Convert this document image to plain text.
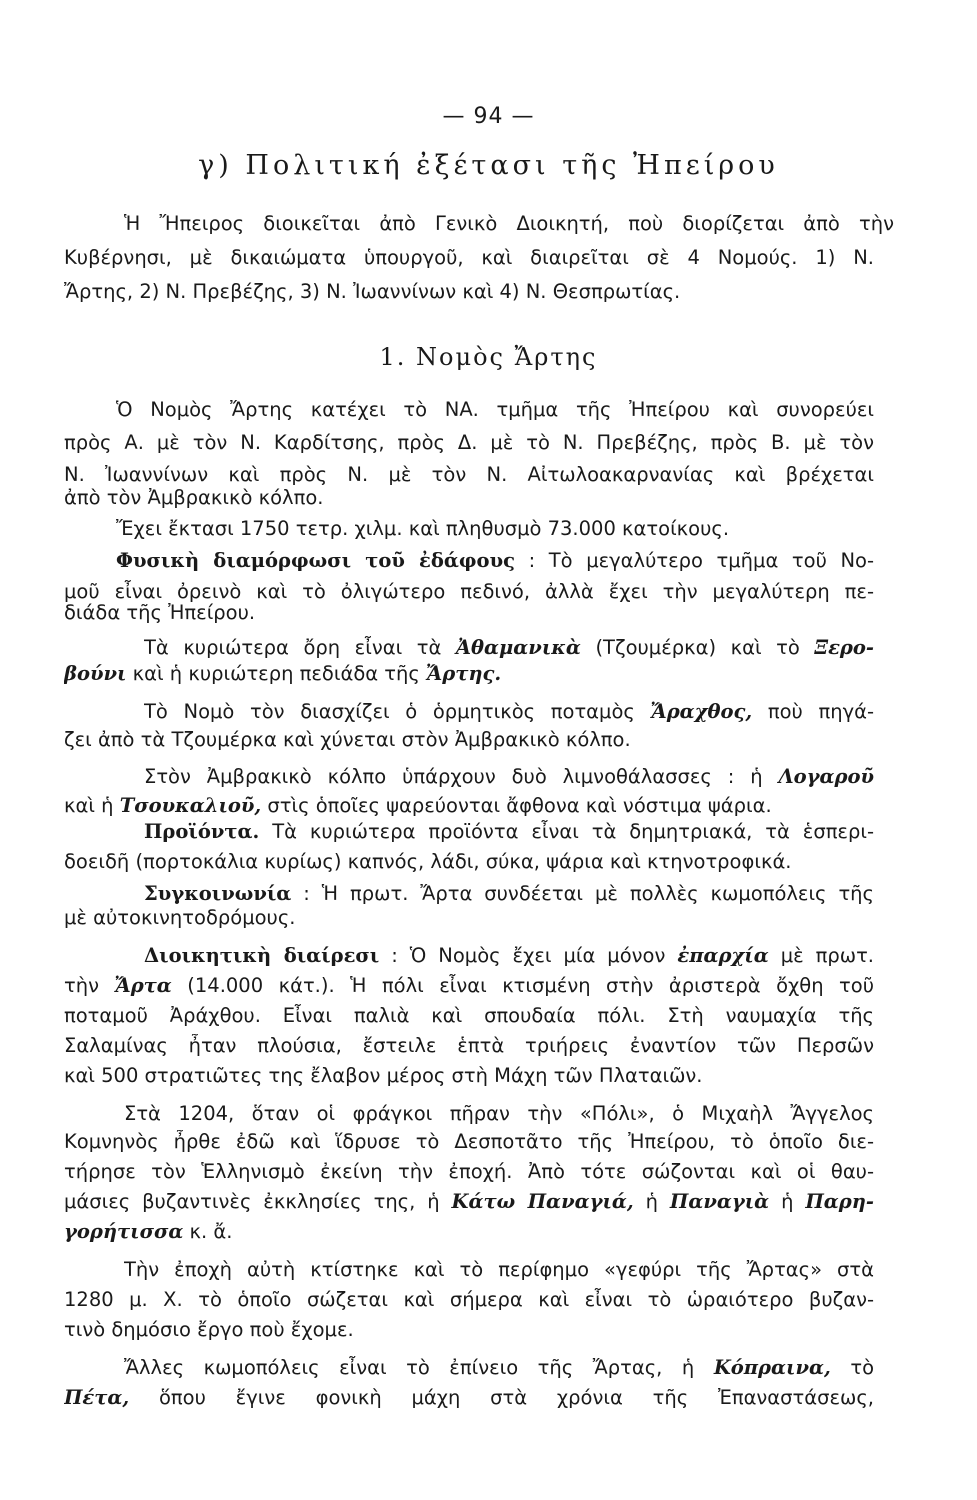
— 94 —
γ) Πολιτική ἐξέτασι τῆς Ἠπείρου
1. Νομὸς Ἄρτης
Ἡ Ἤπειρος διοικεῖται ἀπὸ Γενικὸ Διοικητή, ποὺ διορίζεται ἀπὸ τὴν
Κυβέρνησι, μὲ δικαιώματα ὑπουργοῦ, καὶ διαιρεῖται σὲ 4 Νομούς. 1) Ν.
Ἄρτης, 2) Ν. Πρεβέζης, 3) Ν. Ἰωαννίνων καὶ 4) Ν. Θεσπρωτίας.
Ὁ Νομὸς Ἄρτης κατέχει τὸ ΝΑ. τμῆμα τῆς Ἠπείρου καὶ συνορεύει
πρὸς Α. μὲ τὸν Ν. Καρδίτσης, πρὸς Δ. μὲ τὸ Ν. Πρεβέζης, πρὸς Β. μὲ τὸν
Ν. Ἰωαννίνων καὶ πρὸς Ν. μὲ τὸν Ν. Αἰτωλοακαρνανίας καὶ βρέχεται
ἀπὸ τὸν Ἀμβρακικὸ κόλπο.
Ἔχει ἔκτασι 1750 τετρ. χιλμ. καὶ πληθυσμὸ 73.000 κατοίκους.
Φυσικὴ διαμόρφωσι τοῦ ἐδάφους : Τὸ μεγαλύτερο τμῆμα τοῦ Νο-
μοῦ εἶναι ὀρεινὸ καὶ τὸ ὀλιγώτερο πεδινό, ἀλλὰ ἔχει τὴν μεγαλύτερη πε-
διάδα τῆς Ἠπείρου.
Τὰ κυριώτερα ὄρη εἶναι τὰ Ἀθαμανικὰ (Τζουμέρκα) καὶ τὸ Ξερο-
βούνι καὶ ἡ κυριώτερη πεδιάδα τῆς Ἄρτης.
Τὸ Νομὸ τὸν διασχίζει ὁ ὁρμητικὸς ποταμὸς Ἄραχθος, ποὺ πηγά-
ζει ἀπὸ τὰ Τζουμέρκα καὶ χύνεται στὸν Ἀμβρακικὸ κόλπο.
Στὸν Ἀμβρακικὸ κόλπο ὑπάρχουν δυὸ λιμνοθάλασσες : ἡ Λογαροῦ
καὶ ἡ Τσουκαλιοῦ, στὶς ὁποῖες ψαρεύονται ἄφθονα καὶ νόστιμα ψάρια.
Προϊόντα. Τὰ κυριώτερα προϊόντα εἶναι τὰ δημητριακά, τὰ ἑσπερι-
δοειδῆ (πορτοκάλια κυρίως) καπνός, λάδι, σύκα, ψάρια καὶ κτηνοτροφικά.
Συγκοινωνία : Ἡ πρωτ. Ἄρτα συνδέεται μὲ πολλὲς κωμοπόλεις τῆς
μὲ αὐτοκινητοδρόμους.
Διοικητικὴ διαίρεσι : Ὁ Νομὸς ἔχει μία μόνον ἐπαρχία μὲ πρωτ.
τὴν Ἄρτα (14.000 κάτ.). Ἡ πόλι εἶναι κτισμένη στὴν ἀριστερὰ ὄχθη τοῦ
ποταμοῦ Ἀράχθου. Εἶναι παλιὰ καὶ σπουδαία πόλι. Στὴ ναυμαχία τῆς
Σαλαμίνας ἦταν πλούσια, ἔστειλε ἑπτὰ τριήρεις ἐναντίον τῶν Περσῶν
καὶ 500 στρατιῶτες της ἔλαβον μέρος στὴ Μάχη τῶν Πλαταιῶν.
Στὰ 1204, ὅταν οἱ φράγκοι πῆραν τὴν «Πόλι», ὁ Μιχαὴλ Ἄγγελος
Κομνηνὸς ἦρθε ἐδῶ καὶ ἵδρυσε τὸ Δεσποτᾶτο τῆς Ἠπείρου, τὸ ὁποῖο διε-
τήρησε τὸν Ἑλληνισμὸ ἐκείνη τὴν ἐποχή. Ἀπὸ τότε σώζονται καὶ οἱ θαυ-
μάσιες βυζαντινὲς ἐκκλησίες της, ἡ Κάτω Παναγιά, ἡ Παναγιὰ ἡ Παρη-
γορήτισσα κ. ἄ.
Τὴν ἐποχὴ αὐτὴ κτίστηκε καὶ τὸ περίφημο «γεφύρι τῆς Ἄρτας» στὰ
1280 μ. Χ. τὸ ὁποῖο σώζεται καὶ σήμερα καὶ εἶναι τὸ ὡραιότερο βυζαν-
τινὸ δημόσιο ἔργο ποὺ ἔχομε.
Ἄλλες κωμοπόλεις εἶναι τὸ ἐπίνειο τῆς Ἄρτας, ἡ Κόπραινα, τὸ
Πέτα, ὅπου ἔγινε φονικὴ μάχη στὰ χρόνια τῆς Ἐπαναστάσεως,
